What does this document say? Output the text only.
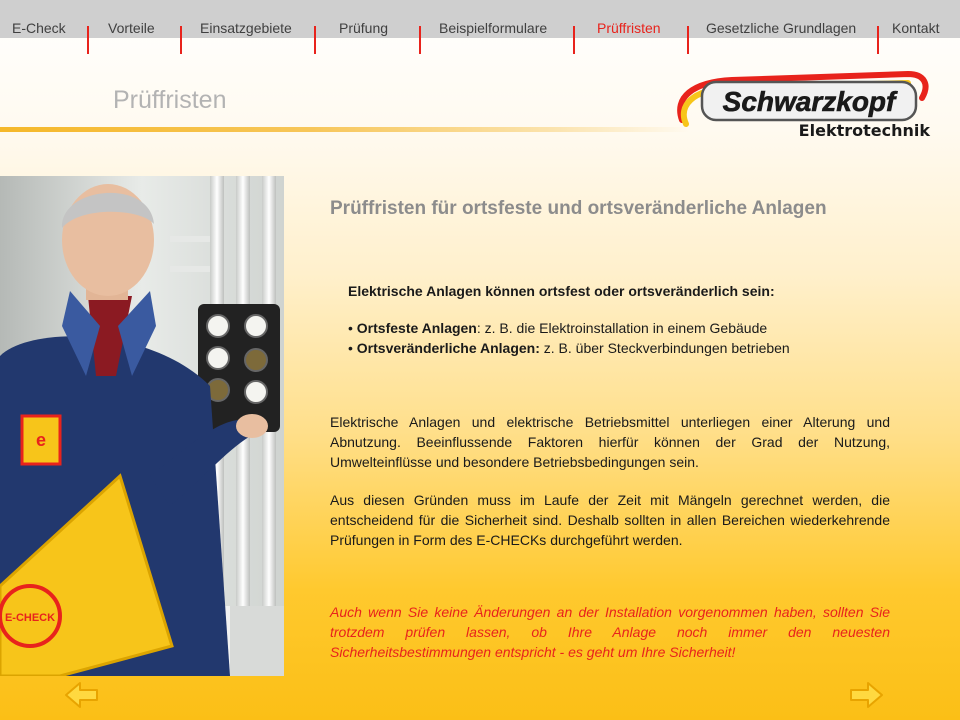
E-Check	Vorteile	Einsatzgebiete	Prüfung	Beispielformulare	Prüffristen	Gesetzliche Grundlagen	Kontakt
Prüffristen	Schwarzkopf
Elektrotechnik
e
E-CHECK
Prüffristen für ortsfeste und ortsveränderliche Anlagen
Elektrische Anlagen können ortsfest oder ortsveränderlich sein:
• Ortsfeste Anlagen: z. B. die Elektroinstallation in einem Gebäude
• Ortsveränderliche Anlagen: z. B. über Steckverbindungen betrieben
Elektrische Anlagen und elektrische Betriebsmittel unterliegen einer Alterung und Abnutzung. Beeinflussende Faktoren hierfür können der Grad der Nutzung, Umwelteinflüsse und besondere Betriebsbedingungen sein.
Aus diesen Gründen muss im Laufe der Zeit mit Mängeln gerechnet werden, die entscheidend für die Sicherheit sind. Deshalb sollten in allen Bereichen wiederkehrende Prüfungen in Form des E-CHECKs durchgeführt werden.
Auch wenn Sie keine Änderungen an der Installation vorgenommen haben, sollten Sie trotzdem prüfen lassen, ob Ihre Anlage noch immer den neuesten Sicherheitsbestimmungen entspricht - es geht um Ihre Sicherheit!
